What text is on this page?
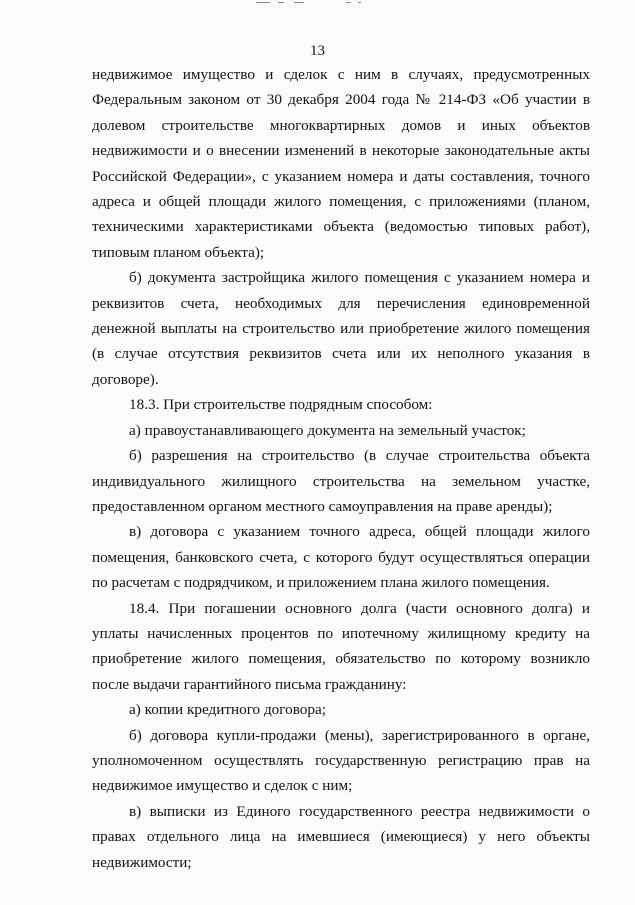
13

недвижимое имущество и сделок с ним в случаях, предусмотренных Федеральным законом от 30 декабря 2004 года № 214-ФЗ «Об участии в долевом строительстве многоквартирных домов и иных объектов недвижимости и о внесении изменений в некоторые законодательные акты Российской Федерации», с указанием номера и даты составления, точного адреса и общей площади жилого помещения, с приложениями (планом, техническими характеристиками объекта (ведомостью типовых работ), типовым планом объекта);

б) документа застройщика жилого помещения с указанием номера и реквизитов счета, необходимых для перечисления единовременной денежной выплаты на строительство или приобретение жилого помещения (в случае отсутствия реквизитов счета или их неполного указания в договоре).

18.3. При строительстве подрядным способом:

а) правоустанавливающего документа на земельный участок;

б) разрешения на строительство (в случае строительства объекта индивидуального жилищного строительства на земельном участке, предоставленном органом местного самоуправления на праве аренды);

в) договора с указанием точного адреса, общей площади жилого помещения, банковского счета, с которого будут осуществляться операции по расчетам с подрядчиком, и приложением плана жилого помещения.

18.4. При погашении основного долга (части основного долга) и уплаты начисленных процентов по ипотечному жилищному кредиту на приобретение жилого помещения, обязательство по которому возникло после выдачи гарантийного письма гражданину:

а) копии кредитного договора;

б) договора купли-продажи (мены), зарегистрированного в органе, уполномоченном осуществлять государственную регистрацию прав на недвижимое имущество и сделок с ним;

в) выписки из Единого государственного реестра недвижимости о правах отдельного лица на имевшиеся (имеющиеся) у него объекты недвижимости;
